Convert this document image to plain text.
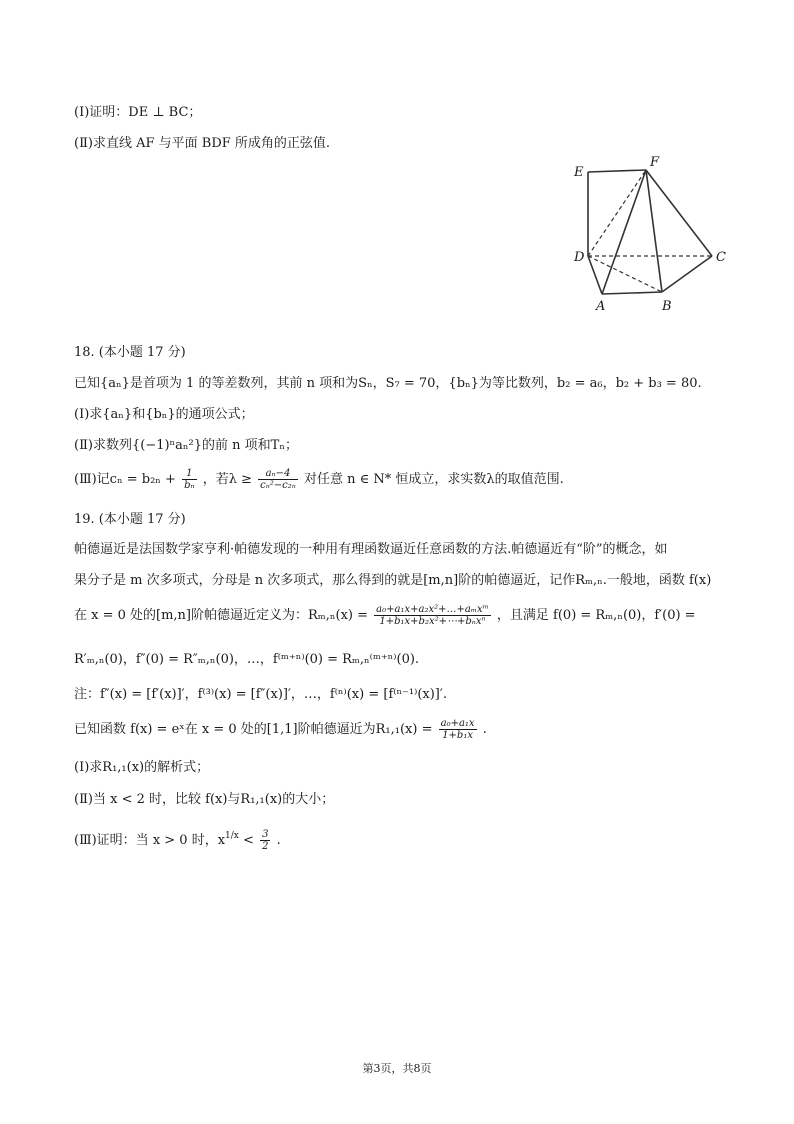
(Ⅰ)证明：DE ⊥ BC；
(Ⅱ)求直线 AF 与平面 BDF 所成角的正弦值.
E
F
D	C
A	B
18. (本小题 17 分)
已知{aₙ}是首项为 1 的等差数列，其前 n 项和为Sₙ，S₇ = 70，{bₙ}为等比数列，b₂ = a₆，b₂ + b₃ = 80.
(Ⅰ)求{aₙ}和{bₙ}的通项公式；
(Ⅱ)求数列{(−1)ⁿaₙ²}的前 n 项和Tₙ；
(Ⅲ)记$c_n = b_{2n} + \frac{1}{\text{bₙ}}$ ，若$\lambda \ge \frac{\text{aₙ−4}}{\text{cₙ²−c₂ₙ}}$ 对任意 n ∈ N* 恒成立，求实数λ的取值范围.
19. (本小题 17 分)
帕德逼近是法国数学家亨利·帕德发现的一种用有理函数逼近任意函数的方法.帕德逼近有“阶”的概念，如
果分子是 m 次多项式，分母是 n 次多项式，那么得到的就是[m,n]阶的帕德逼近，记作Rₘ,ₙ.一般地，函数 f(x)
在 x = 0 处的[m,n]阶帕德逼近定义为：$R_m,_n(x) = \frac{\text{a₀+a₁x+a₂x²+…+aₘxᵐ}}{\text{1+b₁x+b₂x²+⋯+bₙxⁿ}}$ ，且满足 f(0) = Rₘ,ₙ(0)，f′(0) =
R′ₘ,ₙ(0)，f″(0) = R″ₘ,ₙ(0)，…，f⁽ᵐ⁺ⁿ⁾(0) = Rₘ,ₙ⁽ᵐ⁺ⁿ⁾(0).
注：f″(x) = [f′(x)]′，f⁽³⁾(x) = [f″(x)]′，…，f⁽ⁿ⁾(x) = [f⁽ⁿ⁻¹⁾(x)]′.
已知函数 f(x) = eˣ在 x = 0 处的[1,1]阶帕德逼近为$R_1,_1(x) = \frac{\text{a₀+a₁x}}{\text{1+b₁x}}$ .
(Ⅰ)求R₁,₁(x)的解析式；
(Ⅱ)当 x < 2 时，比较 f(x)与R₁,₁(x)的大小；
(Ⅲ)证明：当 x > 0 时，$x^{1/x} < \frac{3}{2}$ .
第3页，共8页
